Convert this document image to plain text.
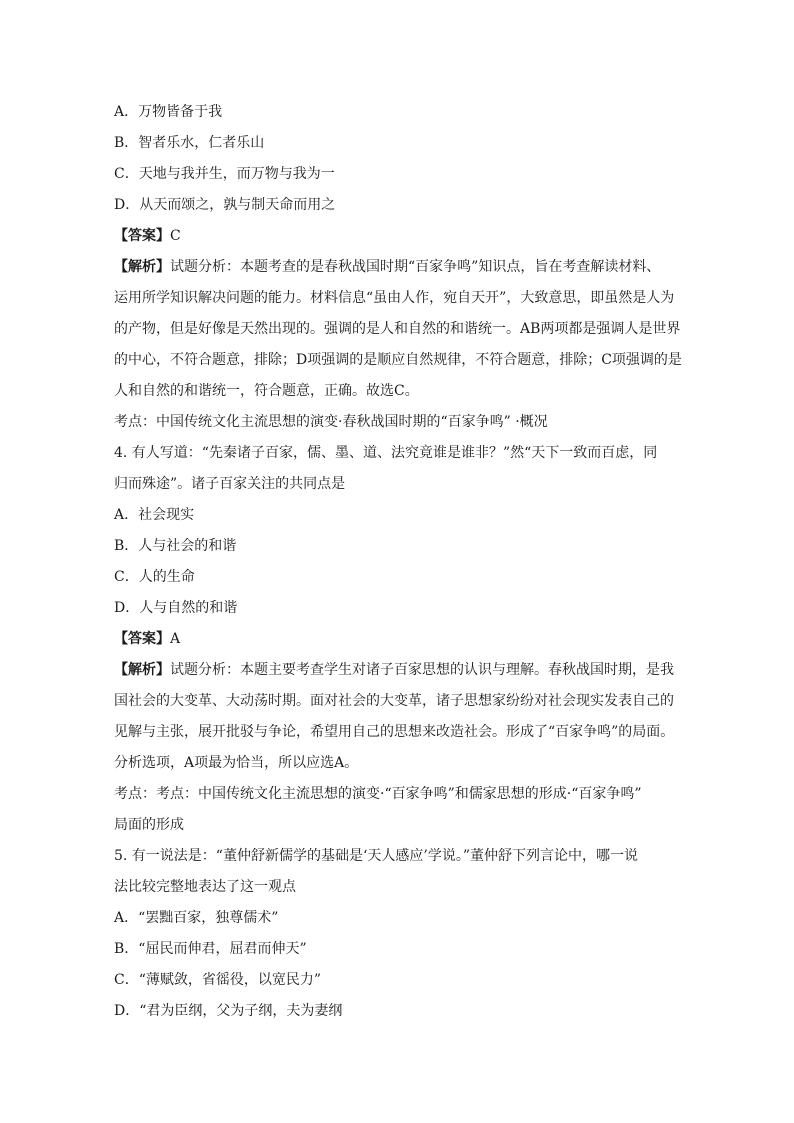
A．万物皆备于我
B．智者乐水，仁者乐山
C．天地与我并生，而万物与我为一
D．从天而颂之，孰与制天命而用之
【答案】C
【解析】试题分析：本题考查的是春秋战国时期“百家争鸣”知识点，旨在考查解读材料、
运用所学知识解决问题的能力。材料信息“虽由人作，宛自天开”，大致意思，即虽然是人为
的产物，但是好像是天然出现的。强调的是人和自然的和谐统一。AB两项都是强调人是世界
的中心，不符合题意，排除；D项强调的是顺应自然规律，不符合题意，排除；C项强调的是
人和自然的和谐统一，符合题意，正确。故选C。
考点：中国传统文化主流思想的演变·春秋战国时期的“百家争鸣” ·概况
4. 有人写道：“先秦诸子百家，儒、墨、道、法究竟谁是谁非？”然“天下一致而百虑，同
归而殊途”。诸子百家关注的共同点是
A．社会现实
B．人与社会的和谐
C．人的生命
D．人与自然的和谐
【答案】A
【解析】试题分析：本题主要考查学生对诸子百家思想的认识与理解。春秋战国时期，是我
国社会的大变革、大动荡时期。面对社会的大变革，诸子思想家纷纷对社会现实发表自己的
见解与主张，展开批驳与争论，希望用自己的思想来改造社会。形成了“百家争鸣”的局面。
分析选项，A项最为恰当，所以应选A。
考点：考点：中国传统文化主流思想的演变·“百家争鸣”和儒家思想的形成·“百家争鸣”
局面的形成
5. 有一说法是：“董仲舒新儒学的基础是‘天人感应’学说。”董仲舒下列言论中，哪一说
法比较完整地表达了这一观点
A．“罢黜百家，独尊儒术”
B．“屈民而伸君，屈君而伸天”
C．“薄赋敛，省徭役，以宽民力”
D．“君为臣纲，父为子纲，夫为妻纲
